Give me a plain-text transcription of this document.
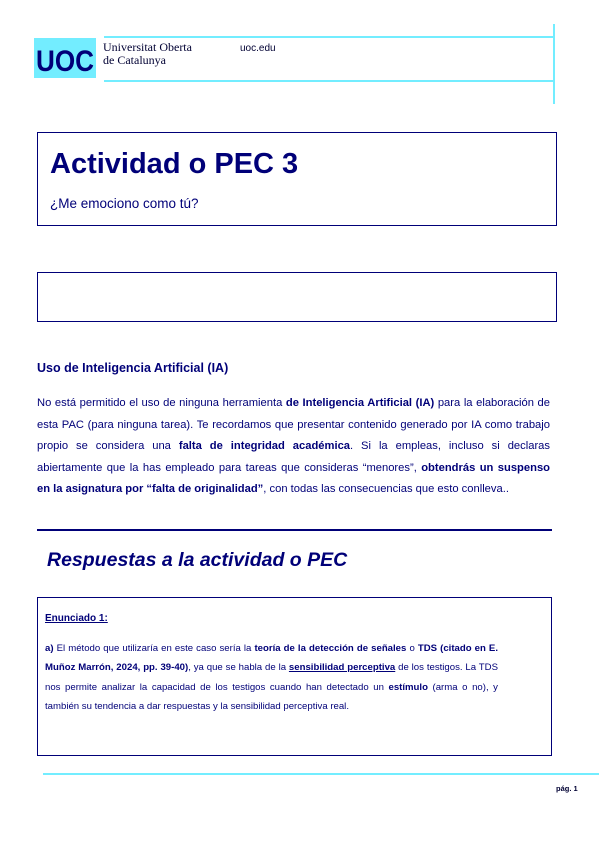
UOC Universitat Oberta
de Catalunya
uoc.edu
Actividad o PEC 3
¿Me emociono como tú?
Uso de Inteligencia Artificial (IA)
No está permitido el uso de ninguna herramienta de Inteligencia Artificial (IA) para la elaboración de esta PAC (para ninguna tarea). Te recordamos que presentar contenido generado por IA como trabajo propio se considera una falta de integridad académica. Si la empleas, incluso si declaras abiertamente que la has empleado para tareas que consideras “menores”, obtendrás un suspenso en la asignatura por “falta de originalidad”, con todas las consecuencias que esto conlleva..
Respuestas a la actividad o PEC
Enunciado 1:
a) El método que utilizaría en este caso sería la teoría de la detección de señales o TDS (citado en E. Muñoz Marrón, 2024, pp. 39-40), ya que se habla de la sensibilidad perceptiva de los testigos. La TDS nos permite analizar la capacidad de los testigos cuando han detectado un estímulo (arma o no), y también su tendencia a dar respuestas y la sensibilidad perceptiva real.
pág. 1
